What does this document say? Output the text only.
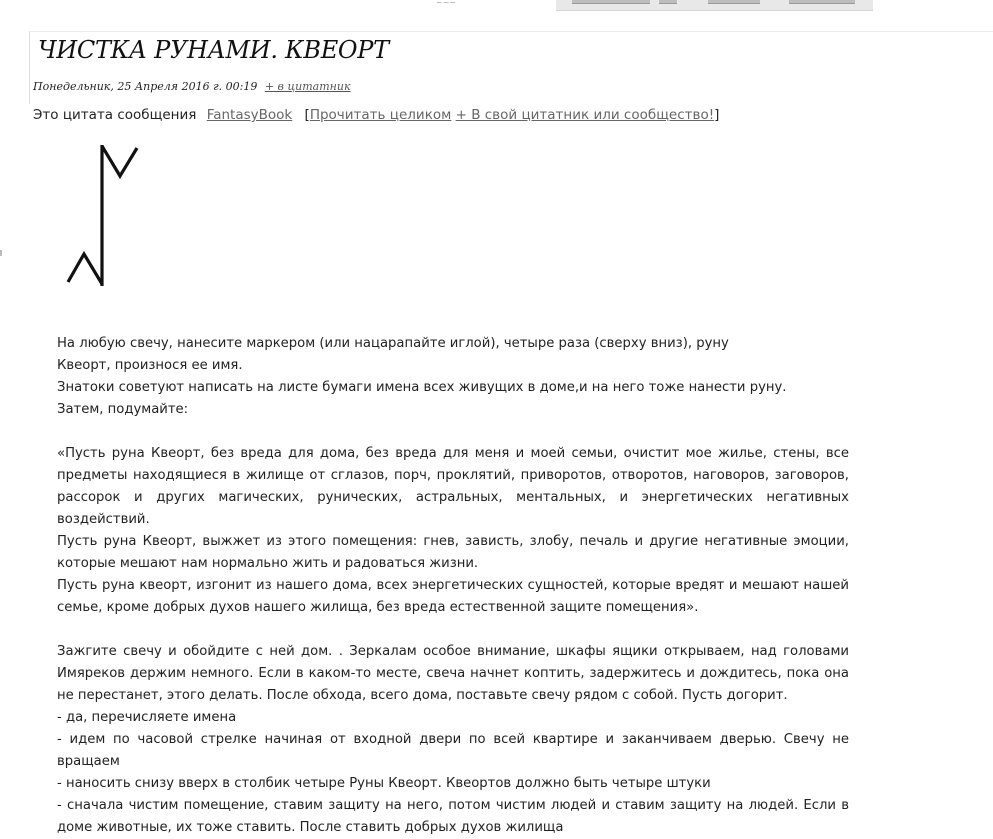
~~~
ЧИСТКА РУНАМИ. КВЕОРТ
Понедельник, 25 Апреля 2016 г. 00:19 + в цитатник
Это цитата сообщения FantasyBook [Прочитать целиком + В свой цитатник или сообщество!]

На любую свечу, нанесите маркером (или нацарапайте иглой), четыре раза (сверху вниз), руну

Квеорт, произнося ее имя.

Знатоки советуют написать на листе бумаги имена всех живущих в доме,и на него тоже нанести руну.

Затем, подумайте:

«Пусть руна Квеорт, без вреда для дома, без вреда для меня и моей семьи, очистит мое жилье, стены, все предметы находящиеся в жилище от сглазов, порч, проклятий, приворотов, отворотов, наговоров, заговоров, рассорок и других магических, рунических, астральных, ментальных, и энергетических негативных воздействий.

Пусть руна Квеорт, выжжет из этого помещения: гнев, зависть, злобу, печаль и другие негативные эмоции, которые мешают нам нормально жить и радоваться жизни.

Пусть руна квеорт, изгонит из нашего дома, всех энергетических сущностей, которые вредят и мешают нашей семье, кроме добрых духов нашего жилища, без вреда естественной защите помещения».

Зажгите свечу и обойдите с ней дом. . Зеркалам особое внимание, шкафы ящики открываем, над головами Имяреков держим немного. Если в каком-то месте, свеча начнет коптить, задержитесь и дождитесь, пока она не перестанет, этого делать. После обхода, всего дома, поставьте свечу рядом с собой. Пусть догорит.

- да, перечисляете имена

- идем по часовой стрелке начиная от входной двери по всей квартире и заканчиваем дверью. Свечу не вращаем

- наносить снизу вверх в столбик четыре Руны Квеорт. Квеортов должно быть четыре штуки

- сначала чистим помещение, ставим защиту на него, потом чистим людей и ставим защиту на людей. Если в доме животные, их тоже ставить. После ставить добрых духов жилища
